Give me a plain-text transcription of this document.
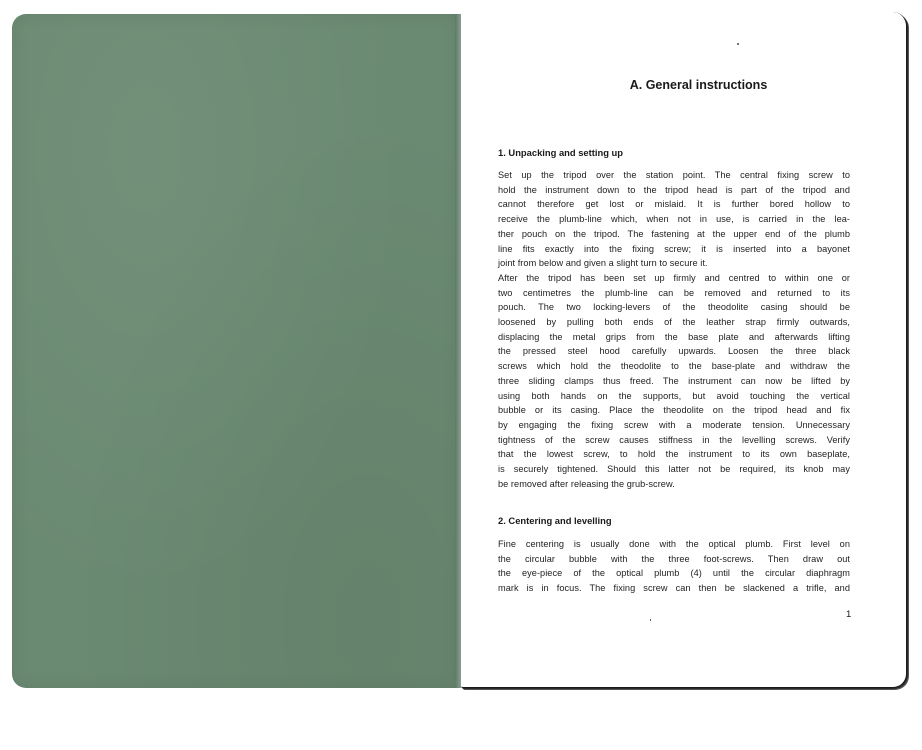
A. General instructions
1. Unpacking and setting up
Set up the tripod over the station point. The central fixing screw to
hold the instrument down to the tripod head is part of the tripod and
cannot therefore get lost or mislaid. It is further bored hollow to
receive the plumb-line which, when not in use, is carried in the lea-
ther pouch on the tripod. The fastening at the upper end of the plumb
line fits exactly into the fixing screw; it is inserted into a bayonet
joint from below and given a slight turn to secure it.
After the tripod has been set up firmly and centred to within one or
two centimetres the plumb-line can be removed and returned to its
pouch. The two locking-levers of the theodolite casing should be
loosened by pulling both ends of the leather strap firmly outwards,
displacing the metal grips from the base plate and afterwards lifting
the pressed steel hood carefully upwards. Loosen the three black
screws which hold the theodolite to the base-plate and withdraw the
three sliding clamps thus freed. The instrument can now be lifted by
using both hands on the supports, but avoid touching the vertical
bubble or its casing. Place the theodolite on the tripod head and fix
by engaging the fixing screw with a moderate tension. Unnecessary
tightness of the screw causes stiffness in the levelling screws. Verify
that the lowest screw, to hold the instrument to its own baseplate,
is securely tightened. Should this latter not be required, its knob may
be removed after releasing the grub-screw.
2. Centering and levelling
Fine centering is usually done with the optical plumb. First level on
the circular bubble with the three foot-screws. Then draw out
the eye-piece of the optical plumb (4) until the circular diaphragm
mark is in focus. The fixing screw can then be slackened a trifle, and
1
